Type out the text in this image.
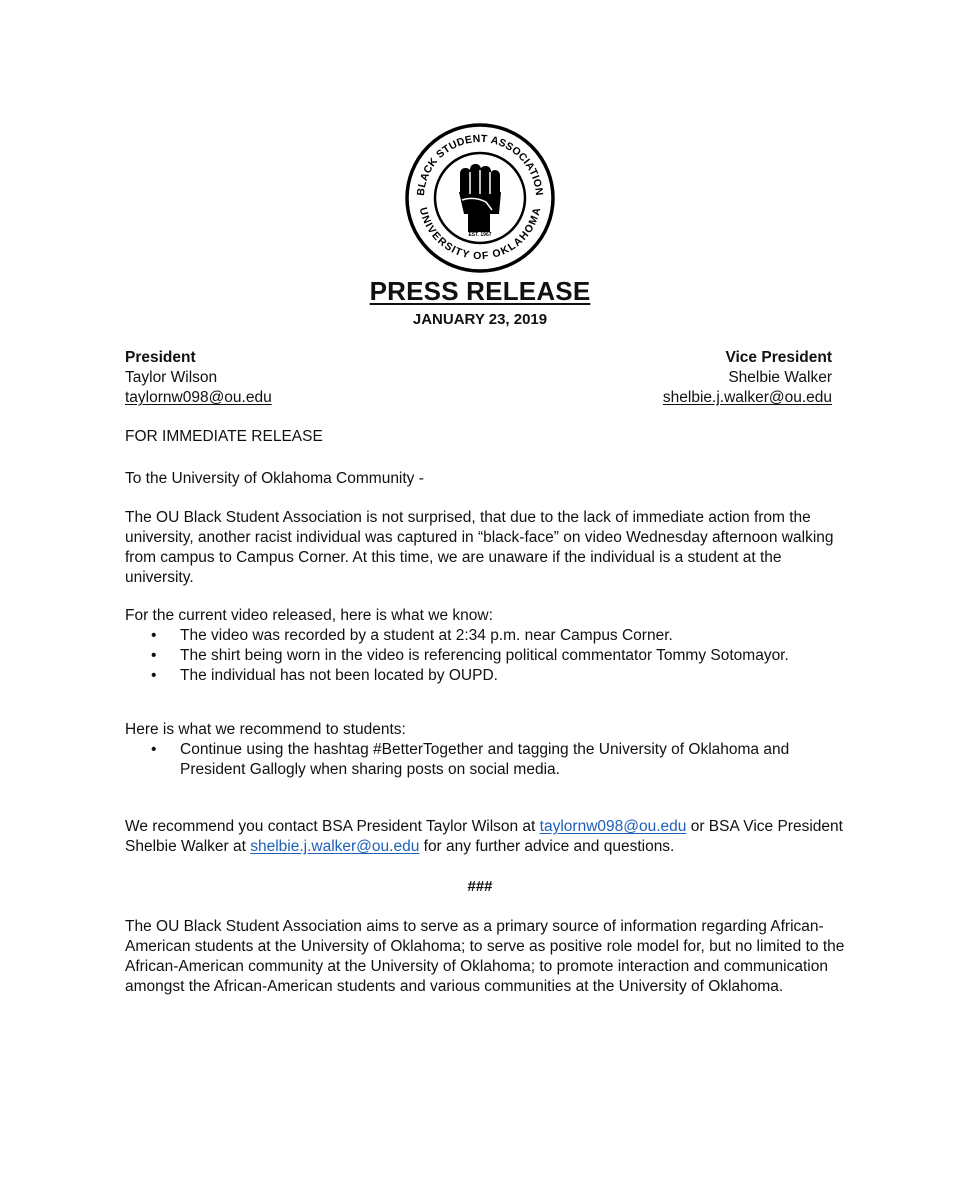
BLACK STUDENT ASSOCIATION
UNIVERSITY OF OKLAHOMA
EST. 1967
PRESS RELEASE
JANUARY 23, 2019
President
Taylor Wilson
taylornw098@ou.edu
Vice President
Shelbie Walker
shelbie.j.walker@ou.edu
FOR IMMEDIATE RELEASE
To the University of Oklahoma Community -

The OU Black Student Association is not surprised, that due to the lack of immediate action from the university, another racist individual was captured in “black-face” on video Wednesday afternoon walking from campus to Campus Corner. At this time, we are unaware if the individual is a student at the university.

For the current video released, here is what we know:
• The video was recorded by a student at 2:34 p.m. near Campus Corner.
• The shirt being worn in the video is referencing political commentator Tommy Sotomayor.
• The individual has not been located by OUPD.
Here is what we recommend to students:
• Continue using the hashtag #BetterTogether and tagging the University of Oklahoma and President Gallogly when sharing posts on social media.

We recommend you contact BSA President Taylor Wilson at taylornw098@ou.edu or BSA Vice President Shelbie Walker at shelbie.j.walker@ou.edu for any further advice and questions.

###

The OU Black Student Association aims to serve as a primary source of information regarding African-American students at the University of Oklahoma; to serve as positive role model for, but no limited to the African-American community at the University of Oklahoma; to promote interaction and communication amongst the African-American students and various communities at the University of Oklahoma.
